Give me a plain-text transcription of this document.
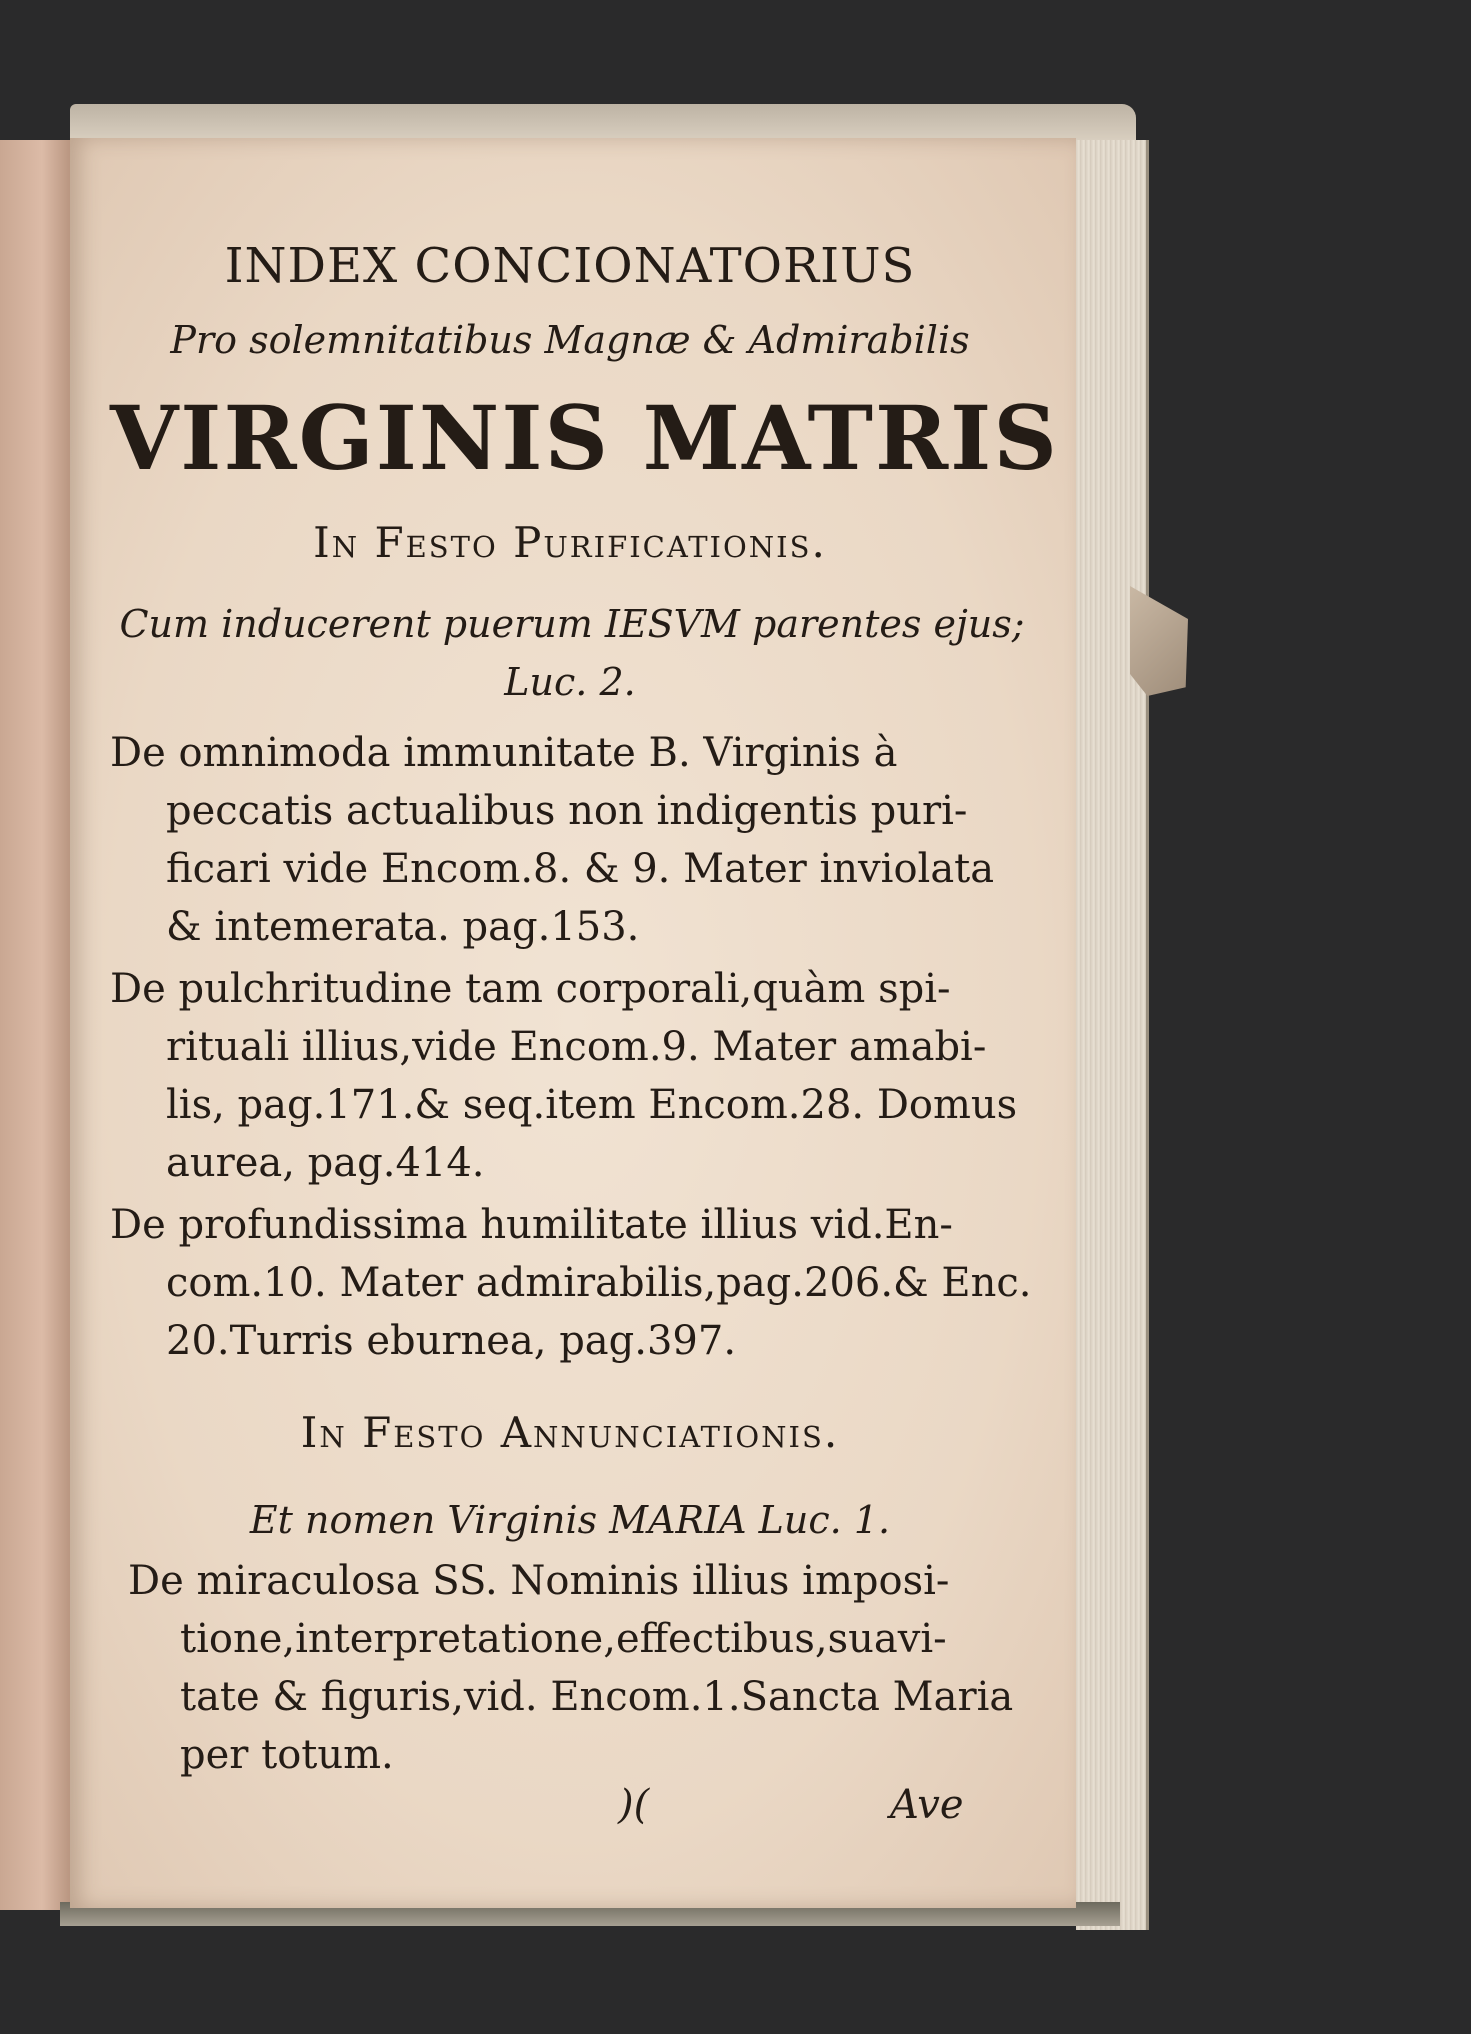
INDEX CONCIONATORIUS

Pro solemnitatibus Magnæ & Admirabilis

VIRGINIS MATRIS

In Festo Purificationis.

Cum inducerent puerum IESVM parentes ejus;

Luc. 2.

De omnimoda immunitate B. Virginis à

peccatis actualibus non indigentis puri-

ficari vide Encom.8. & 9. Mater inviolata

& intemerata. pag.153.

De pulchritudine tam corporali,quàm spi-

rituali illius,vide Encom.9. Mater amabi-

lis, pag.171.& seq.item Encom.28. Domus

aurea, pag.414.

De profundissima humilitate illius vid.En-

com.10. Mater admirabilis,pag.206.& Enc.

20.Turris eburnea, pag.397.

In Festo Annunciationis.

Et nomen Virginis MARIA Luc. 1.

De miraculosa SS. Nominis illius imposi-

tione,interpretatione,effectibus,suavi-

tate & figuris,vid. Encom.1.Sancta Maria

per totum.

)(	Ave
